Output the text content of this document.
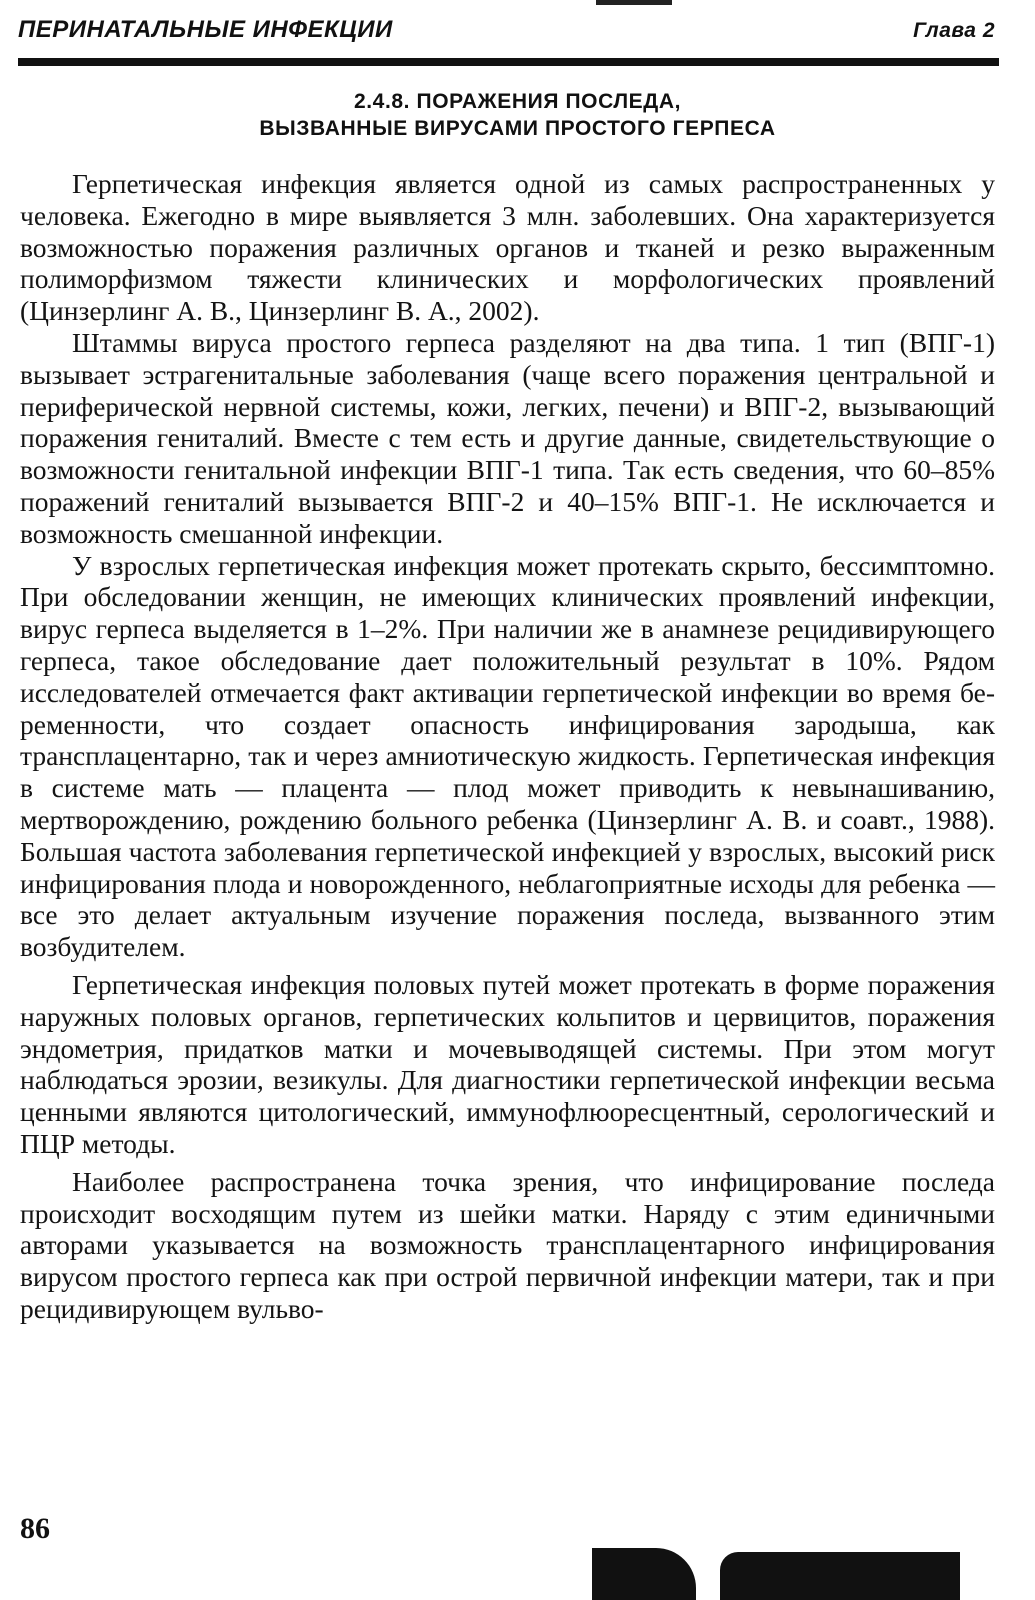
ПЕРИНАТАЛЬНЫЕ ИНФЕКЦИИ	Глава 2
2.4.8. ПОРАЖЕНИЯ ПОСЛЕДА,
ВЫЗВАННЫЕ ВИРУСАМИ ПРОСТОГО ГЕРПЕСА

Герпетическая инфекция является одной из самых распространенных у человека. Ежегодно в мире выявляется 3 млн. заболевших. Она характеризуется возможностью поражения различных органов и тканей и резко выраженным полиморфизмом тяжести клинических и морфологических проявлений (Цинзерлинг А. В., Цинзерлинг В. А., 2002).

Штаммы вируса простого герпеса разделяют на два типа. 1 тип (ВПГ-1) вызывает эстрагенитальные заболевания (чаще всего поражения центральной и периферической нервной системы, кожи, легких, печени) и ВПГ-2, вызывающий поражения гениталий. Вместе с тем есть и другие данные, свидетельствующие о возможности генитальной инфекции ВПГ-1 типа. Так есть сведения, что 60–85% поражений гениталий вызывается ВПГ-2 и 40–15% ВПГ-1. Не исключается и возможность смешанной инфекции.

У взрослых герпетическая инфекция может протекать скрыто, бессимптомно. При обследовании женщин, не имеющих клинических проявлений инфекции, вирус герпеса выделяется в 1–2%. При наличии же в анамнезе рецидивирующего герпеса, такое обследование дает положительный результат в 10%. Рядом исследователей отмечается факт активации герпетической инфекции во время беременности, что создает опасность инфицирования зародыша, как трансплацентарно, так и через амниотическую жидкость. Герпетическая инфекция в системе мать — плацента — плод может приводить к невынашиванию, мертворождению, рождению больного ребенка (Цинзерлинг А. В. и соавт., 1988). Большая частота заболевания герпетической инфекцией у взрослых, высокий риск инфицирования плода и новорожденного, неблагоприятные исходы для ребенка — все это делает актуальным изучение поражения последа, вызванного этим возбудителем.

Герпетическая инфекция половых путей может протекать в форме поражения наружных половых органов, герпетических кольпитов и цервицитов, поражения эндометрия, придатков матки и мочевыводящей системы. При этом могут наблюдаться эрозии, везикулы. Для диагностики герпетической инфекции весьма ценными являются цитологический, иммунофлюоресцентный, серологический и ПЦР методы.

Наиболее распространена точка зрения, что инфицирование последа происходит восходящим путем из шейки матки. Наряду с этим единичными авторами указывается на возможность трансплацентарного инфицирования вирусом простого герпеса как при острой первичной инфекции матери, так и при рецидивирующем вульво-

86
